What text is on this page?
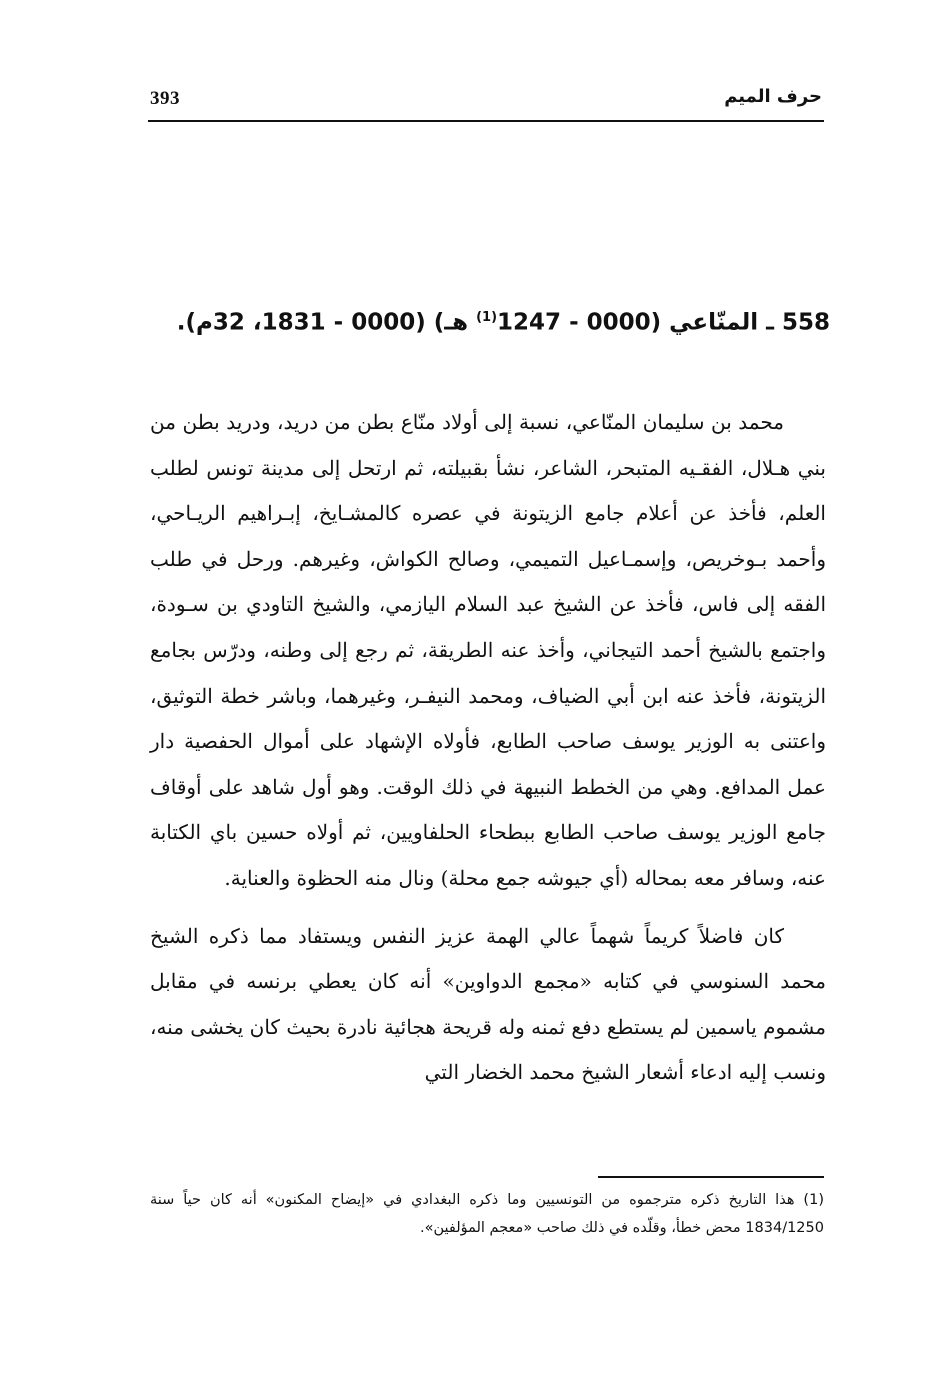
393	حرف الميم
558 ـ المنّاعي (0000 - 1247$^{(1)}$ هـ) (0000 - 1831، 32م).

محمد بن سليمان المنّاعي، نسبة إلى أولاد منّاع بطن من دريد، ودريد بطن من بني هـلال، الفقـيه المتبحر، الشاعر، نشأ بقبيلته، ثم ارتحل إلى مدينة تونس لطلب العلم، فأخذ عن أعلام جامع الزيتونة في عصره كالمشـايخ، إبـراهيم الريـاحي، وأحمد بـوخريص، وإسمـاعيل التميمي، وصالح الكواش، وغيرهم. ورحل في طلب الفقه إلى فاس، فأخذ عن الشيخ عبد السلام اليازمي، والشيخ التاودي بن سـودة، واجتمع بالشيخ أحمد التيجاني، وأخذ عنه الطريقة، ثم رجع إلى وطنه، ودرّس بجامع الزيتونة، فأخذ عنه ابن أبي الضياف، ومحمد النيفـر، وغيرهما، وباشر خطة التوثيق، واعتنى به الوزير يوسف صاحب الطابع، فأولاه الإشهاد على أموال الحفصية دار عمل المدافع. وهي من الخطط النبيهة في ذلك الوقت. وهو أول شاهد على أوقاف جامع الوزير يوسف صاحب الطابع ببطحاء الحلفاويين، ثم أولاه حسين باي الكتابة عنه، وسافر معه بمحاله (أي جيوشه جمع محلة) ونال منه الحظوة والعناية.

كان فاضلاً كريماً شهماً عالي الهمة عزيز النفس ويستفاد مما ذكره الشيخ محمد السنوسي في كتابه «مجمع الدواوين» أنه كان يعطي برنسه في مقابل مشموم ياسمين لم يستطع دفع ثمنه وله قريحة هجائية نادرة بحيث كان يخشى منه، ونسب إليه ادعاء أشعار الشيخ محمد الخضار التي

(1) هذا التاريخ ذكره مترجموه من التونسيين وما ذكره البغدادي في «إيضاح المكنون» أنه كان حياً سنة 1834/1250 محض خطأ، وقلّده في ذلك صاحب «معجم المؤلفين».
